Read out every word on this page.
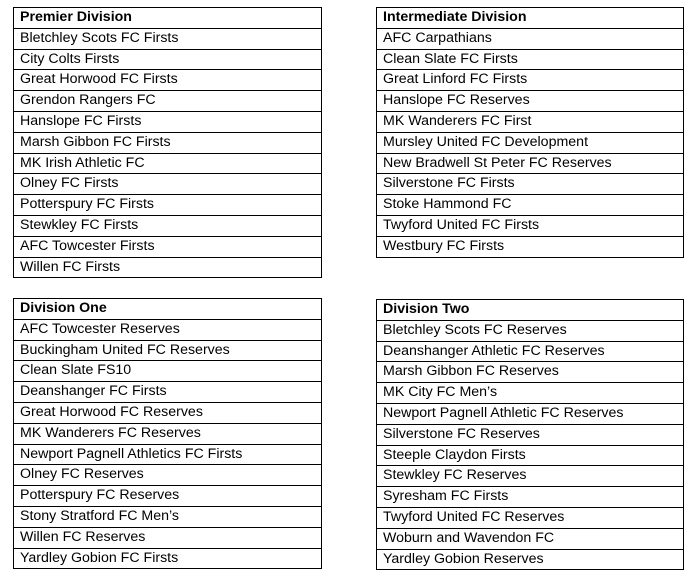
Premier Division
Bletchley Scots FC Firsts
City Colts Firsts
Great Horwood FC Firsts
Grendon Rangers FC
Hanslope FC Firsts
Marsh Gibbon FC Firsts
MK Irish Athletic FC
Olney FC Firsts
Potterspury FC Firsts
Stewkley FC Firsts
AFC Towcester Firsts
Willen FC Firsts
Intermediate Division
AFC Carpathians
Clean Slate FC Firsts
Great Linford FC Firsts
Hanslope FC Reserves
MK Wanderers FC First
Mursley United FC Development
New Bradwell St Peter FC Reserves
Silverstone FC Firsts
Stoke Hammond FC
Twyford United FC Firsts
Westbury FC Firsts
Division One
AFC Towcester Reserves
Buckingham United FC Reserves
Clean Slate FS10
Deanshanger FC Firsts
Great Horwood FC Reserves
MK Wanderers FC Reserves
Newport Pagnell Athletics FC Firsts
Olney FC Reserves
Potterspury FC Reserves
Stony Stratford FC Men’s
Willen FC Reserves
Yardley Gobion FC Firsts
Division Two
Bletchley Scots FC Reserves
Deanshanger Athletic FC Reserves
Marsh Gibbon FC Reserves
MK City FC Men’s
Newport Pagnell Athletic FC Reserves
Silverstone FC Reserves
Steeple Claydon Firsts
Stewkley FC Reserves
Syresham FC Firsts
Twyford United FC Reserves
Woburn and Wavendon FC
Yardley Gobion Reserves
